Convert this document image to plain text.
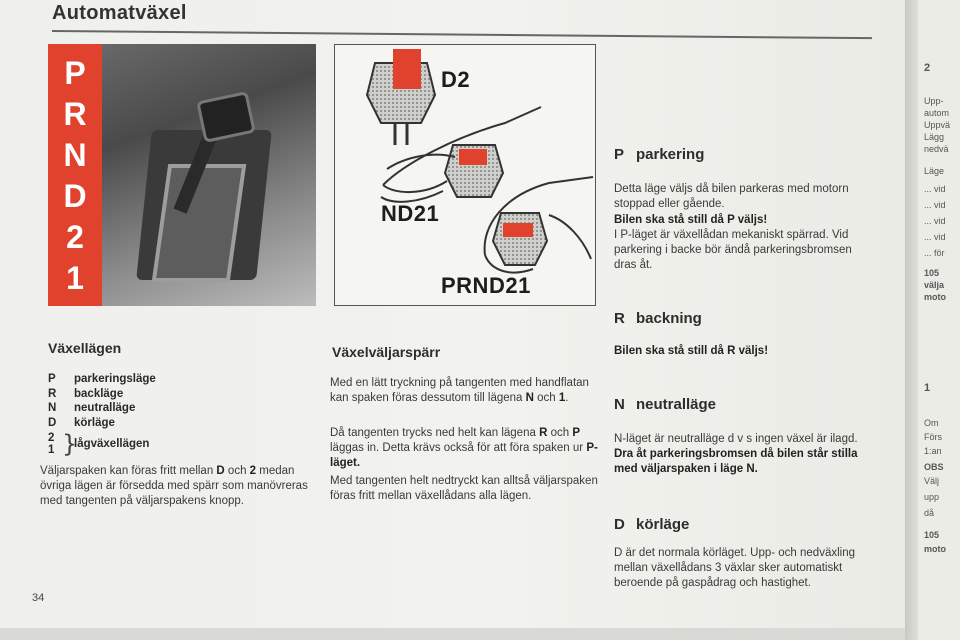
Automatväxel
P
R
N
D
2
1
D2
ND21
PRND21
Växellägen
P	parkeringsläge
R	backläge
N	neutralläge
D	körläge
2
1 }
lågväxellägen
Väljarspaken kan föras fritt mellan D och 2 medan övriga lägen är försedda med spärr som manövreras med tangenten på väljarspakens knopp.
Växelväljarspärr
Med en lätt tryckning på tangenten med handflatan kan spaken föras dessutom till lägena N och 1.
Då tangenten trycks ned helt kan lägena R och P läggas in. Detta krävs också för att föra spaken ur P-läget.
Med tangenten helt nedtryckt kan alltså väljarspaken föras fritt mellan växellådans alla lägen.
P parkering
Detta läge väljs då bilen parkeras med motorn stoppad eller gående.
Bilen ska stå still då P väljs!
I P-läget är växellådan mekaniskt spärrad. Vid parkering i backe bör ändå parkeringsbromsen dras åt.
R backning
Bilen ska stå still då R väljs!
N neutralläge
N-läget är neutralläge d v s ingen växel är ilagd.
Dra åt parkeringsbromsen då bilen står stilla med väljarspaken i läge N.
D körläge
D är det normala körläget. Upp- och nedväxling mellan växellådans 3 växlar sker automatiskt beroende på gaspådrag och hastighet.
34
2
Upp-
autom
Uppvä
Lägg
nedvä
Läge
... vid
... vid
... vid
... vid
... för
105
välja
moto
1
Om
Förs
1:an
OBS
Välj
upp
då
105
moto
